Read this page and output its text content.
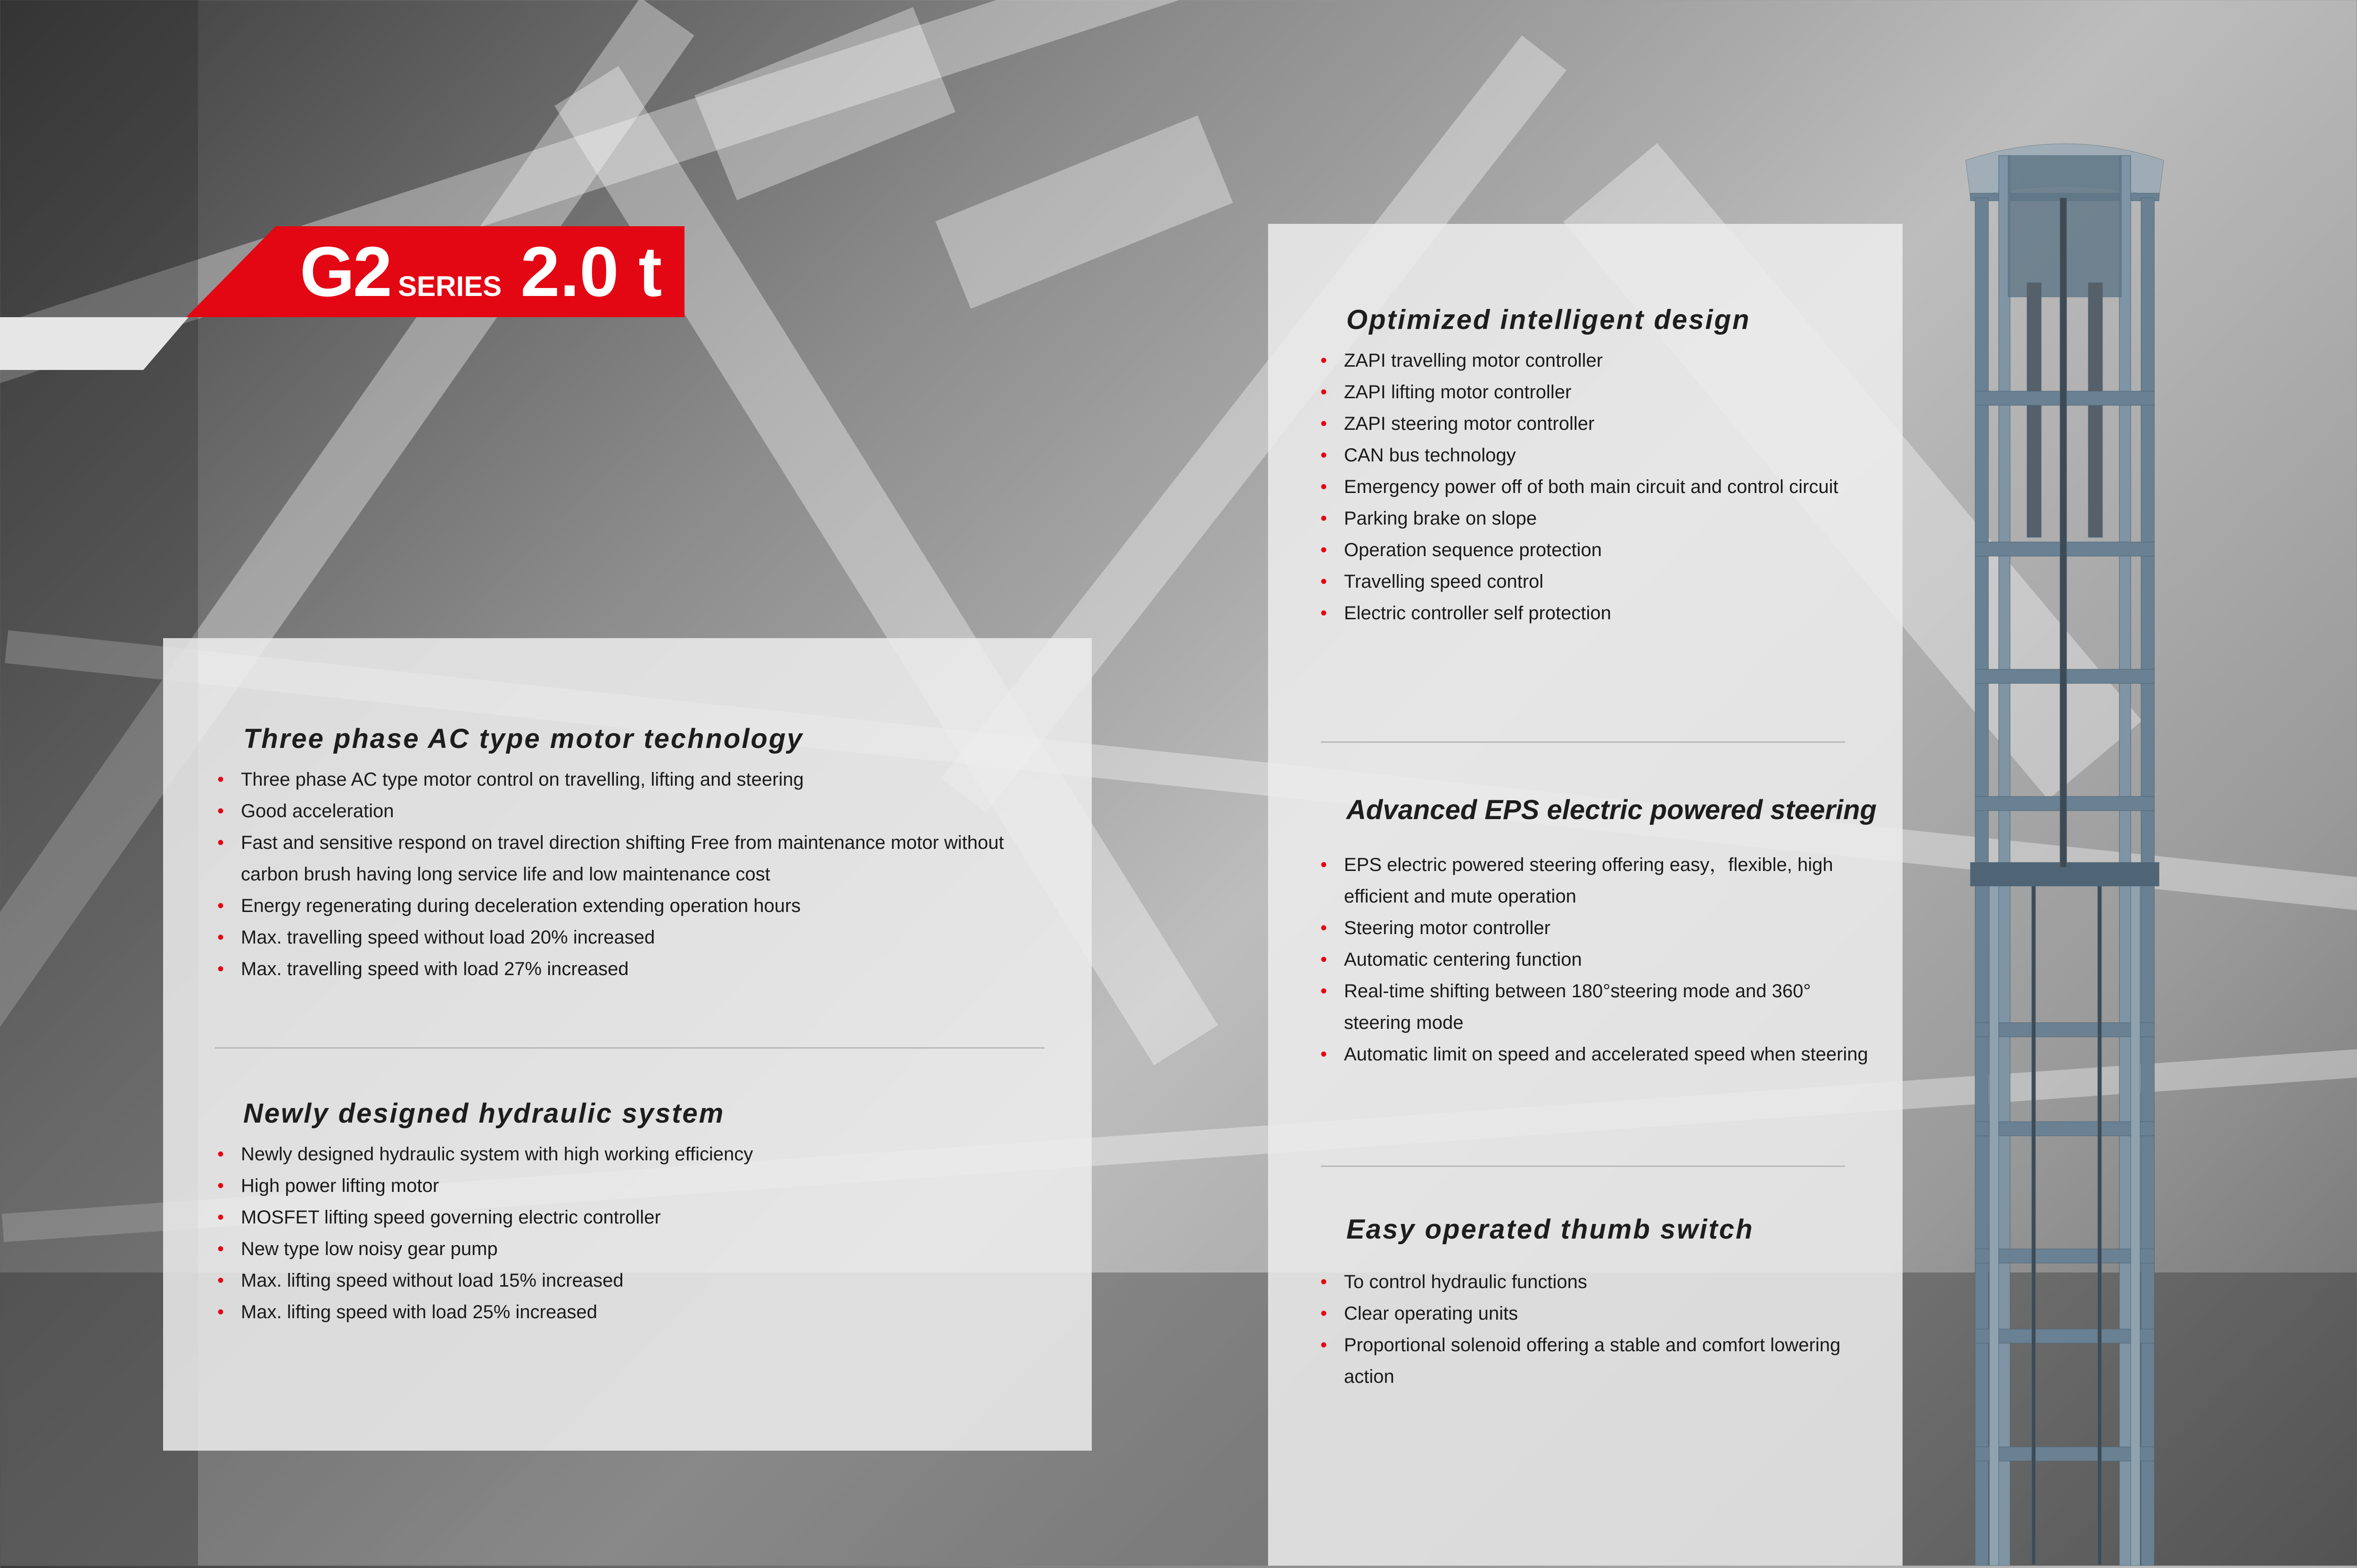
G2 SERIES 2.0 t
Three phase AC type motor technology
• Three phase AC type motor control on travelling, lifting and steering
• Good acceleration
• Fast and sensitive respond on travel direction shifting Free from maintenance motor without carbon brush having long service life and low maintenance cost
• Energy regenerating during deceleration extending operation hours
• Max. travelling speed without load 20% increased
• Max. travelling speed with load 27% increased
Newly designed hydraulic system
• Newly designed hydraulic system with high working efficiency
• High power lifting motor
• MOSFET lifting speed governing electric controller
• New type low noisy gear pump
• Max. lifting speed without load 15% increased
• Max. lifting speed with load 25% increased
Optimized intelligent design
• ZAPI travelling motor controller
• ZAPI lifting motor controller
• ZAPI steering motor controller
• CAN bus technology
• Emergency power off of both main circuit and control circuit
• Parking brake on slope
• Operation sequence protection
• Travelling speed control
• Electric controller self protection
Advanced EPS electric powered steering
• EPS electric powered steering offering easy，flexible, high efficient and mute operation
• Steering motor controller
• Automatic centering function
• Real-time shifting between 180°steering mode and 360° steering mode
• Automatic limit on speed and accelerated speed when steering
Easy operated thumb switch
• To control hydraulic functions
• Clear operating units
• Proportional solenoid offering a stable and comfort lowering action
